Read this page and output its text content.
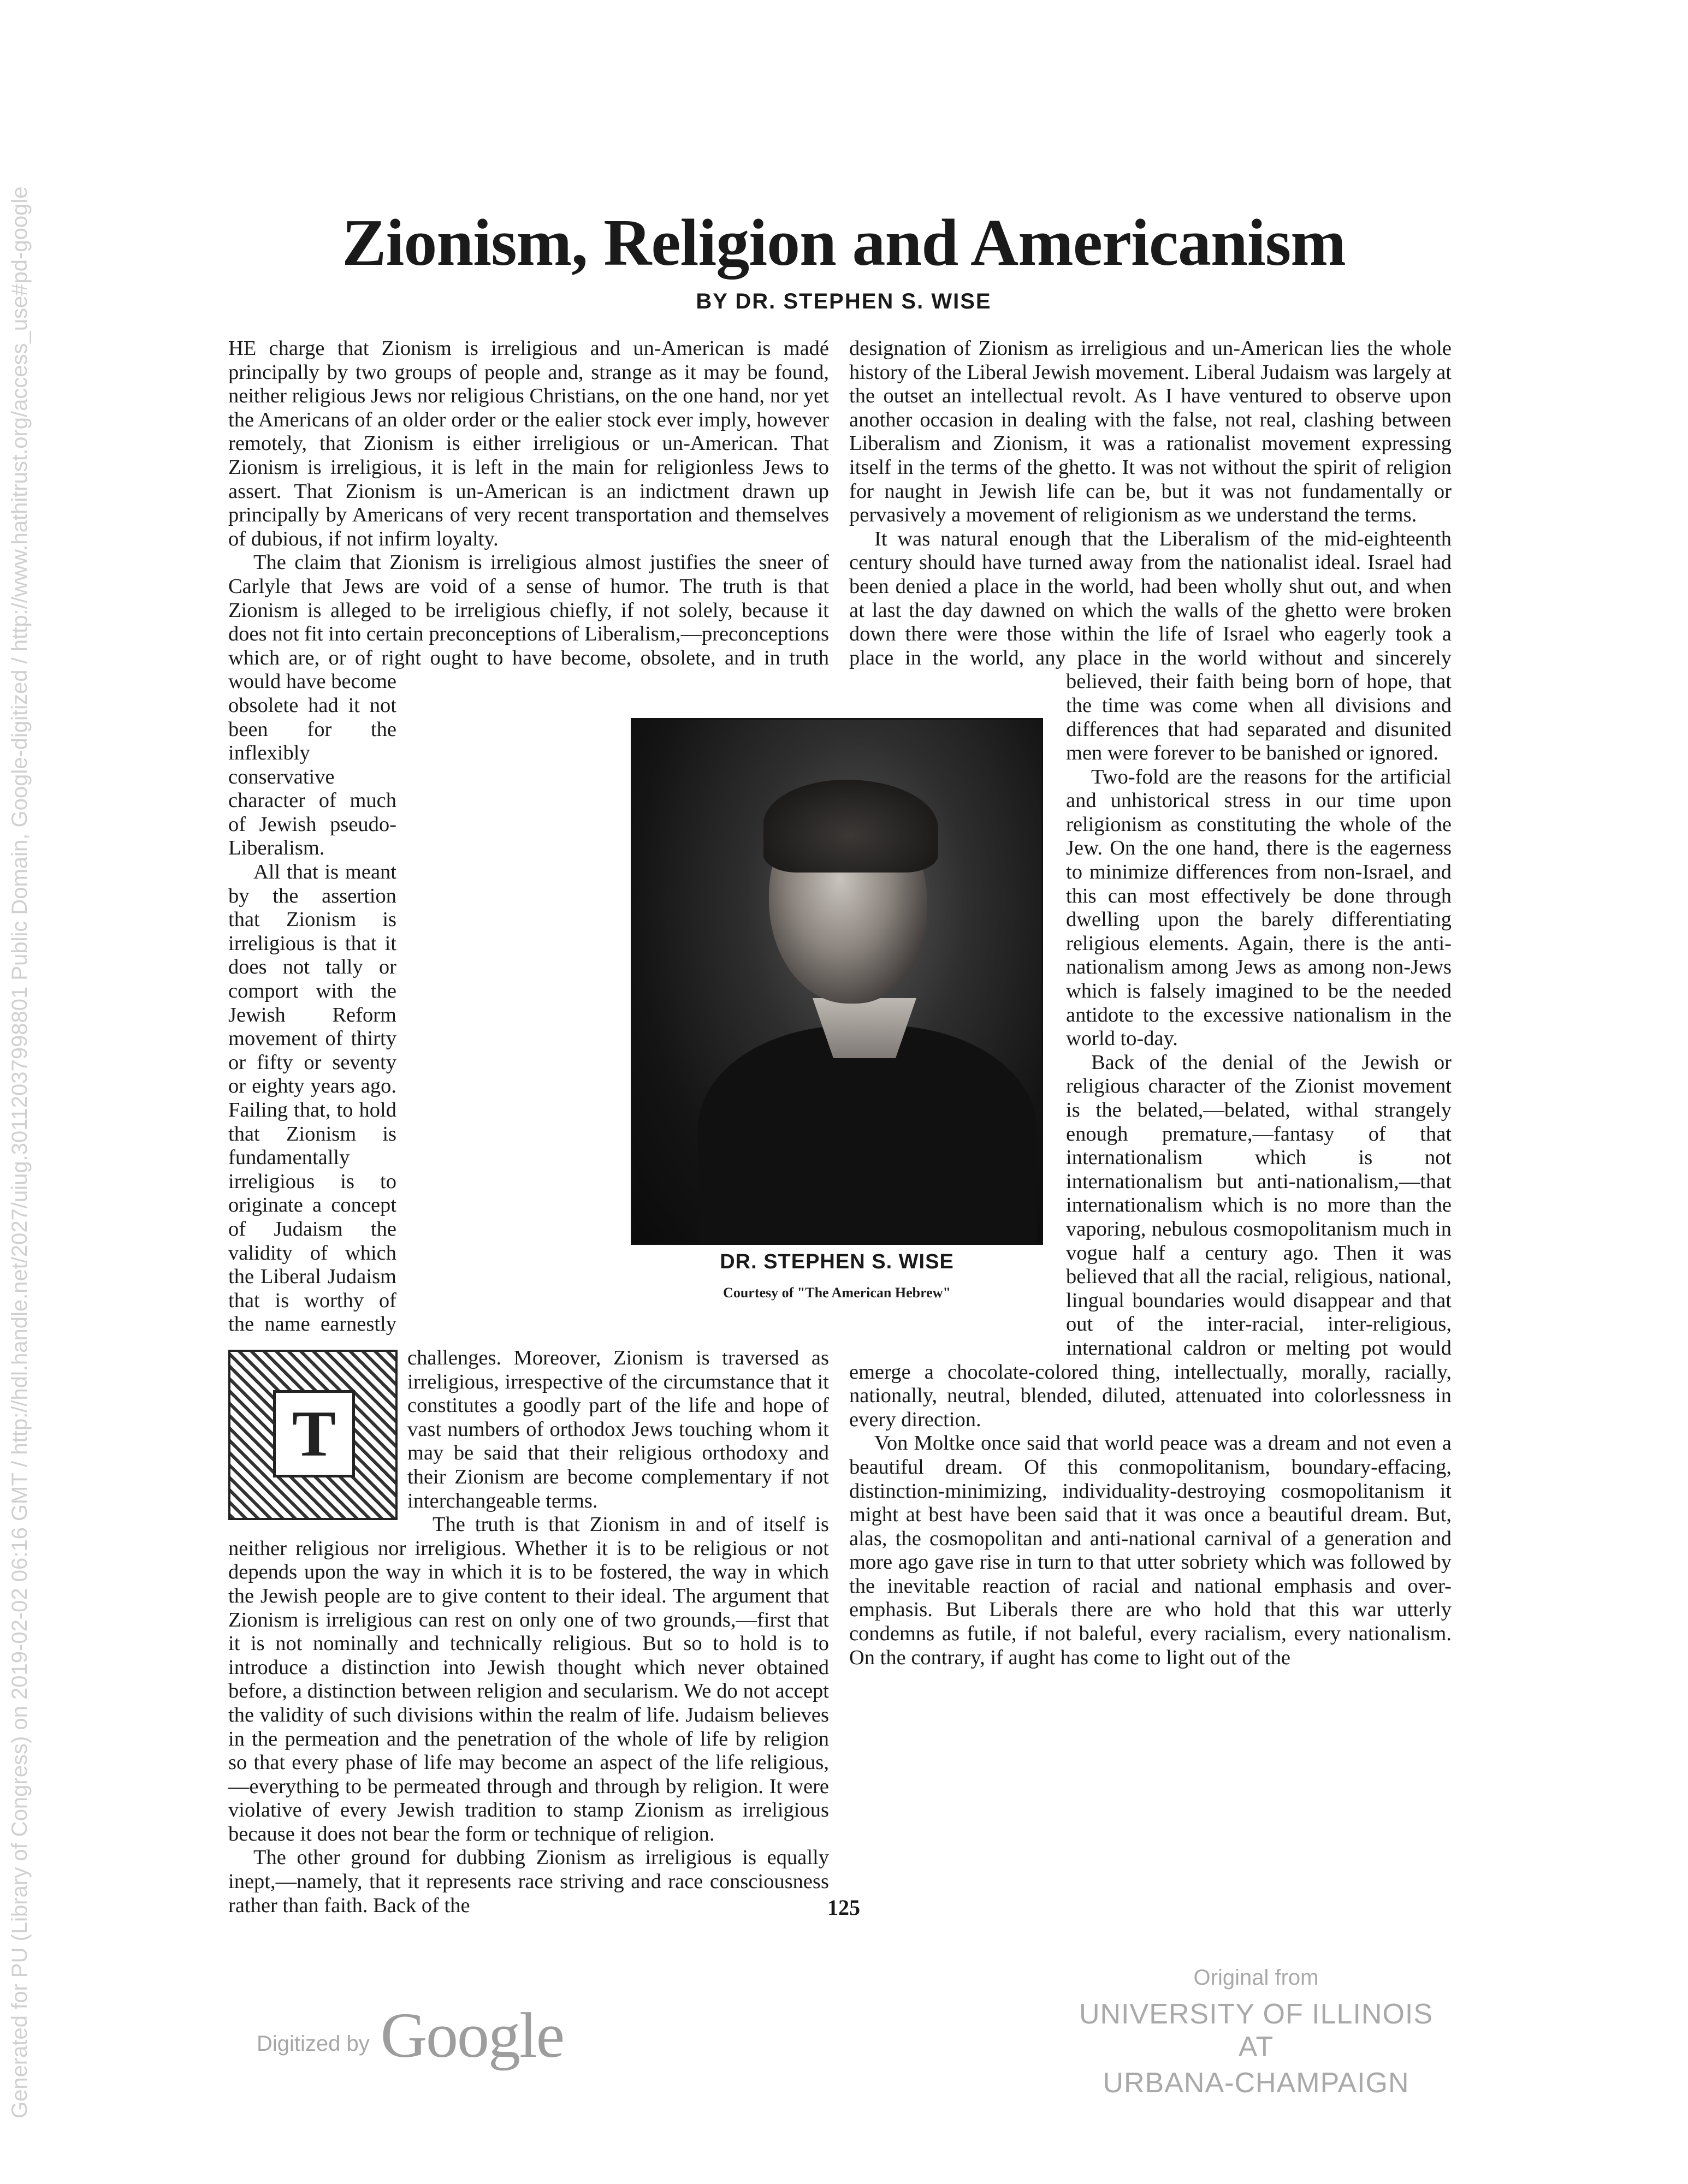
Zionism, Religion and Americanism
BY DR. STEPHEN S. WISE
T

HE charge that Zionism is irreligious and un-American is madé principally by two groups of people and, strange as it may be found, neither religious Jews nor religious Christians, on the one hand, nor yet the Americans of an older order or the ealier stock ever imply, however remotely, that Zionism is either irreligious or un-American. That Zionism is irreligious, it is left in the main for religionless Jews to assert. That Zionism is un-American is an indictment drawn up principally by Americans of very recent transportation and themselves of dubious, if not infirm loyalty.

The claim that Zionism is irreligious almost justifies the sneer of Carlyle that Jews are void of a sense of humor. The truth is that Zionism is alleged to be irreligious chiefly, if not solely, because it does not fit into certain preconceptions of Liberalism,—preconceptions which are, or of right ought to have become, obsolete, and in truth would have become obsolete had it not been for the inflexibly conservative character of much of Jewish pseudo-Liberalism.

All that is meant by the assertion that Zionism is irreligious is that it does not tally or comport with the Jewish Reform movement of thirty or fifty or seventy or eighty years ago. Failing that, to hold that Zionism is fundamentally irreligious is to originate a concept of Judaism the validity of which the Liberal Judaism that is worthy of the name earnestly challenges. Moreover, Zionism is traversed as irreligious, irrespective of the circumstance that it constitutes a goodly part of the life and hope of vast numbers of orthodox Jews touching whom it may be said that their religious orthodoxy and their Zionism are become complementary if not interchangeable terms.

The truth is that Zionism in and of itself is neither religious nor irreligious. Whether it is to be religious or not depends upon the way in which it is to be fostered, the way in which the Jewish people are to give content to their ideal. The argument that Zionism is irreligious can rest on only one of two grounds,—first that it is not nominally and technically religious. But so to hold is to introduce a distinction into Jewish thought which never obtained before, a distinction between religion and secularism. We do not accept the validity of such divisions within the realm of life. Judaism believes in the permeation and the penetration of the whole of life by religion so that every phase of life may become an aspect of the life religious,—everything to be permeated through and through by religion. It were violative of every Jewish tradition to stamp Zionism as irreligious because it does not bear the form or technique of religion.

The other ground for dubbing Zionism as irreligious is equally inept,—namely, that it represents race striving and race consciousness rather than faith. Back of the

designation of Zionism as irreligious and un-American lies the whole history of the Liberal Jewish movement. Liberal Judaism was largely at the outset an intellectual revolt. As I have ventured to observe upon another occasion in dealing with the false, not real, clashing between Liberalism and Zionism, it was a rationalist movement expressing itself in the terms of the ghetto. It was not without the spirit of religion for naught in Jewish life can be, but it was not fundamentally or pervasively a movement of religionism as we understand the terms.

It was natural enough that the Liberalism of the mid-eighteenth century should have turned away from the nationalist ideal. Israel had been denied a place in the world, had been wholly shut out, and when at last the day dawned on which the walls of the ghetto were broken down there were those within the life of Israel who eagerly took a place in the world, any place in the world without and sincerely believed, their faith being born of hope, that the time was come when all divisions and differences that had separated and disunited men were forever to be banished or ignored.

Two-fold are the reasons for the artificial and unhistorical stress in our time upon religionism as constituting the whole of the Jew. On the one hand, there is the eagerness to minimize differences from non-Israel, and this can most effectively be done through dwelling upon the barely differentiating religious elements. Again, there is the anti-nationalism among Jews as among non-Jews which is falsely imagined to be the needed antidote to the excessive nationalism in the world to-day.

Back of the denial of the Jewish or religious character of the Zionist movement is the belated,—belated, withal strangely enough premature,—fantasy of that internationalism which is not internationalism but anti-nationalism,—that internationalism which is no more than the vaporing, nebulous cosmopolitanism much in vogue half a century ago. Then it was believed that all the racial, religious, national, lingual boundaries would disappear and that out of the inter-racial, inter-religious, international caldron or melting pot would emerge a chocolate-colored thing, intellectually, morally, racially, nationally, neutral, blended, diluted, attenuated into colorlessness in every direction.

Von Moltke once said that world peace was a dream and not even a beautiful dream. Of this conmopolitanism, boundary-effacing, distinction-minimizing, individuality-destroying cosmopolitanism it might at best have been said that it was once a beautiful dream. But, alas, the cosmopolitan and anti-national carnival of a generation and more ago gave rise in turn to that utter sobriety which was followed by the inevitable reaction of racial and national emphasis and over-emphasis. But Liberals there are who hold that this war utterly condemns as futile, if not baleful, every racialism, every nationalism. On the contrary, if aught has come to light out of the

DR. STEPHEN S. WISE
Courtesy of "The American Hebrew"
125
Digitized by Google
Original from
UNIVERSITY OF ILLINOIS AT
URBANA-CHAMPAIGN
Generated for PU (Library of Congress) on 2019-02-02 06:16 GMT / http://hdl.handle.net/2027/uiug.30112037998801 Public Domain, Google-digitized / http://www.hathitrust.org/access_use#pd-google
